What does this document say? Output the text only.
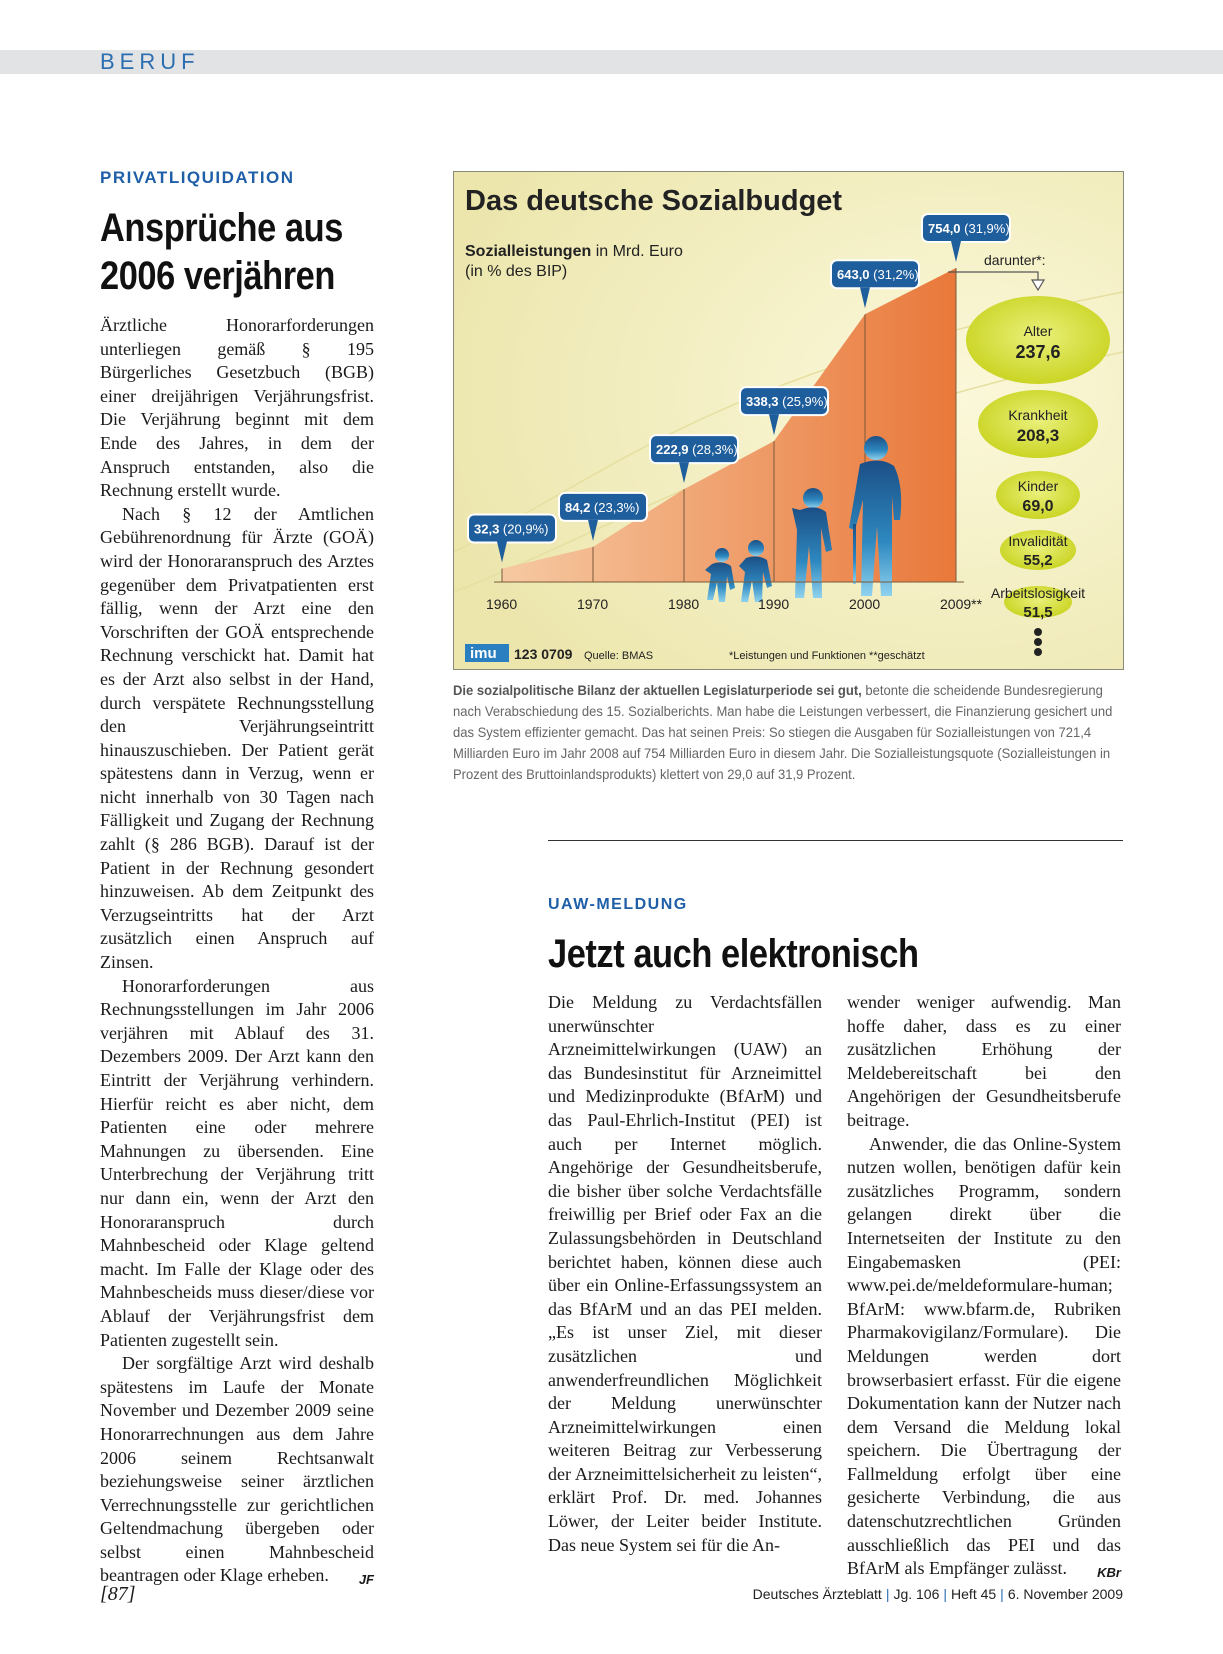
BERUF
PRIVATLIQUIDATION
Ansprüche aus
2006 verjähren

Ärztliche Honorarforderungen unterliegen gemäß § 195 Bürgerliches Gesetzbuch (BGB) einer dreijährigen Verjährungsfrist. Die Verjährung beginnt mit dem Ende des Jahres, in dem der Anspruch entstanden, also die Rechnung erstellt wurde.

Nach § 12 der Amtlichen Gebührenordnung für Ärzte (GOÄ) wird der Honoraranspruch des Arztes gegenüber dem Privatpatienten erst fällig, wenn der Arzt eine den Vorschriften der GOÄ entsprechende Rechnung verschickt hat. Damit hat es der Arzt also selbst in der Hand, durch verspätete Rechnungsstellung den Verjährungseintritt hinauszuschieben. Der Patient gerät spätestens dann in Verzug, wenn er nicht innerhalb von 30 Tagen nach Fälligkeit und Zugang der Rechnung zahlt (§ 286 BGB). Darauf ist der Patient in der Rechnung gesondert hinzuweisen. Ab dem Zeitpunkt des Verzugseintritts hat der Arzt zusätzlich einen Anspruch auf Zinsen.

Honorarforderungen aus Rechnungsstellungen im Jahr 2006 verjähren mit Ablauf des 31. Dezembers 2009. Der Arzt kann den Eintritt der Verjährung verhindern. Hierfür reicht es aber nicht, dem Patienten eine oder mehrere Mahnungen zu übersenden. Eine Unterbrechung der Verjährung tritt nur dann ein, wenn der Arzt den Honoraranspruch durch Mahnbescheid oder Klage geltend macht. Im Falle der Klage oder des Mahnbescheids muss dieser/diese vor Ablauf der Verjährungsfrist dem Patienten zugestellt sein.

Der sorgfältige Arzt wird deshalb spätestens im Laufe der Monate November und Dezember 2009 seine Honorarrechnungen aus dem Jahre 2006 seinem Rechtsanwalt beziehungsweise seiner ärztlichen Verrechnungsstelle zur gerichtlichen Geltendmachung übergeben oder selbst einen Mahnbescheid beantragen oder Klage erheben.	JF

Das deutsche Sozialbudget
Sozialleistungen in Mrd. Euro
(in % des BIP)
1960	1970	1980	1990	2000	2009**
32,3 (20,9%)
84,2 (23,3%)
222,9 (28,3%)
338,3 (25,9%)
643,0 (31,2%)
754,0 (31,9%)
darunter*:
Alter
237,6
Krankheit
208,3
Kinder
69,0
Invalidität
55,2
Arbeitslosigkeit
51,5
imu 123 0709 Quelle: BMAS	*Leistungen und Funktionen **geschätzt
Die sozialpolitische Bilanz der aktuellen Legislaturperiode sei gut, betonte die scheidende Bundesregierung nach Verabschiedung des 15. Sozialberichts. Man habe die Leistungen verbessert, die Finanzierung gesichert und das System effizienter gemacht. Das hat seinen Preis: So stiegen die Ausgaben für Sozialleistungen von 721,4 Milliarden Euro im Jahr 2008 auf 754 Milliarden Euro in diesem Jahr. Die Sozialleistungsquote (Sozialleistungen in Prozent des Bruttoinlandsprodukts) klettert von 29,0 auf 31,9 Prozent.
UAW-MELDUNG
Jetzt auch elektronisch

Die Meldung zu Verdachtsfällen unerwünschter Arzneimittelwirkungen (UAW) an das Bundesinstitut für Arzneimittel und Medizinprodukte (BfArM) und das Paul-Ehrlich-Institut (PEI) ist auch per Internet möglich. Angehörige der Gesundheitsberufe, die bisher über solche Verdachtsfälle freiwillig per Brief oder Fax an die Zulassungsbehörden in Deutschland berichtet haben, können diese auch über ein Online-Erfassungssystem an das BfArM und an das PEI melden. „Es ist unser Ziel, mit dieser zusätzlichen und anwenderfreundlichen Möglichkeit der Meldung unerwünschter Arzneimittelwirkungen einen weiteren Beitrag zur Verbesserung der Arzneimittelsicherheit zu leisten“, erklärt Prof. Dr. med. Johannes Löwer, der Leiter beider Institute. Das neue System sei für die An-

wender weniger aufwendig. Man hoffe daher, dass es zu einer zusätzlichen Erhöhung der Meldebereitschaft bei den Angehörigen der Gesundheitsberufe beitrage.

Anwender, die das Online-System nutzen wollen, benötigen dafür kein zusätzliches Programm, sondern gelangen direkt über die Internetseiten der Institute zu den Eingabemasken (PEI: www.pei.de/meldeformulare-human; BfArM: www.bfarm.de, Rubriken Pharmakovigilanz/Formulare). Die Meldungen werden dort browserbasiert erfasst. Für die eigene Dokumentation kann der Nutzer nach dem Versand die Meldung lokal speichern. Die Übertragung der Fallmeldung erfolgt über eine gesicherte Verbindung, die aus datenschutzrechtlichen Gründen ausschließlich das PEI und das BfArM als Empfänger zulässt.	KBr

[87]	Deutsches Ärzteblatt | Jg. 106 | Heft 45 | 6. November 2009
